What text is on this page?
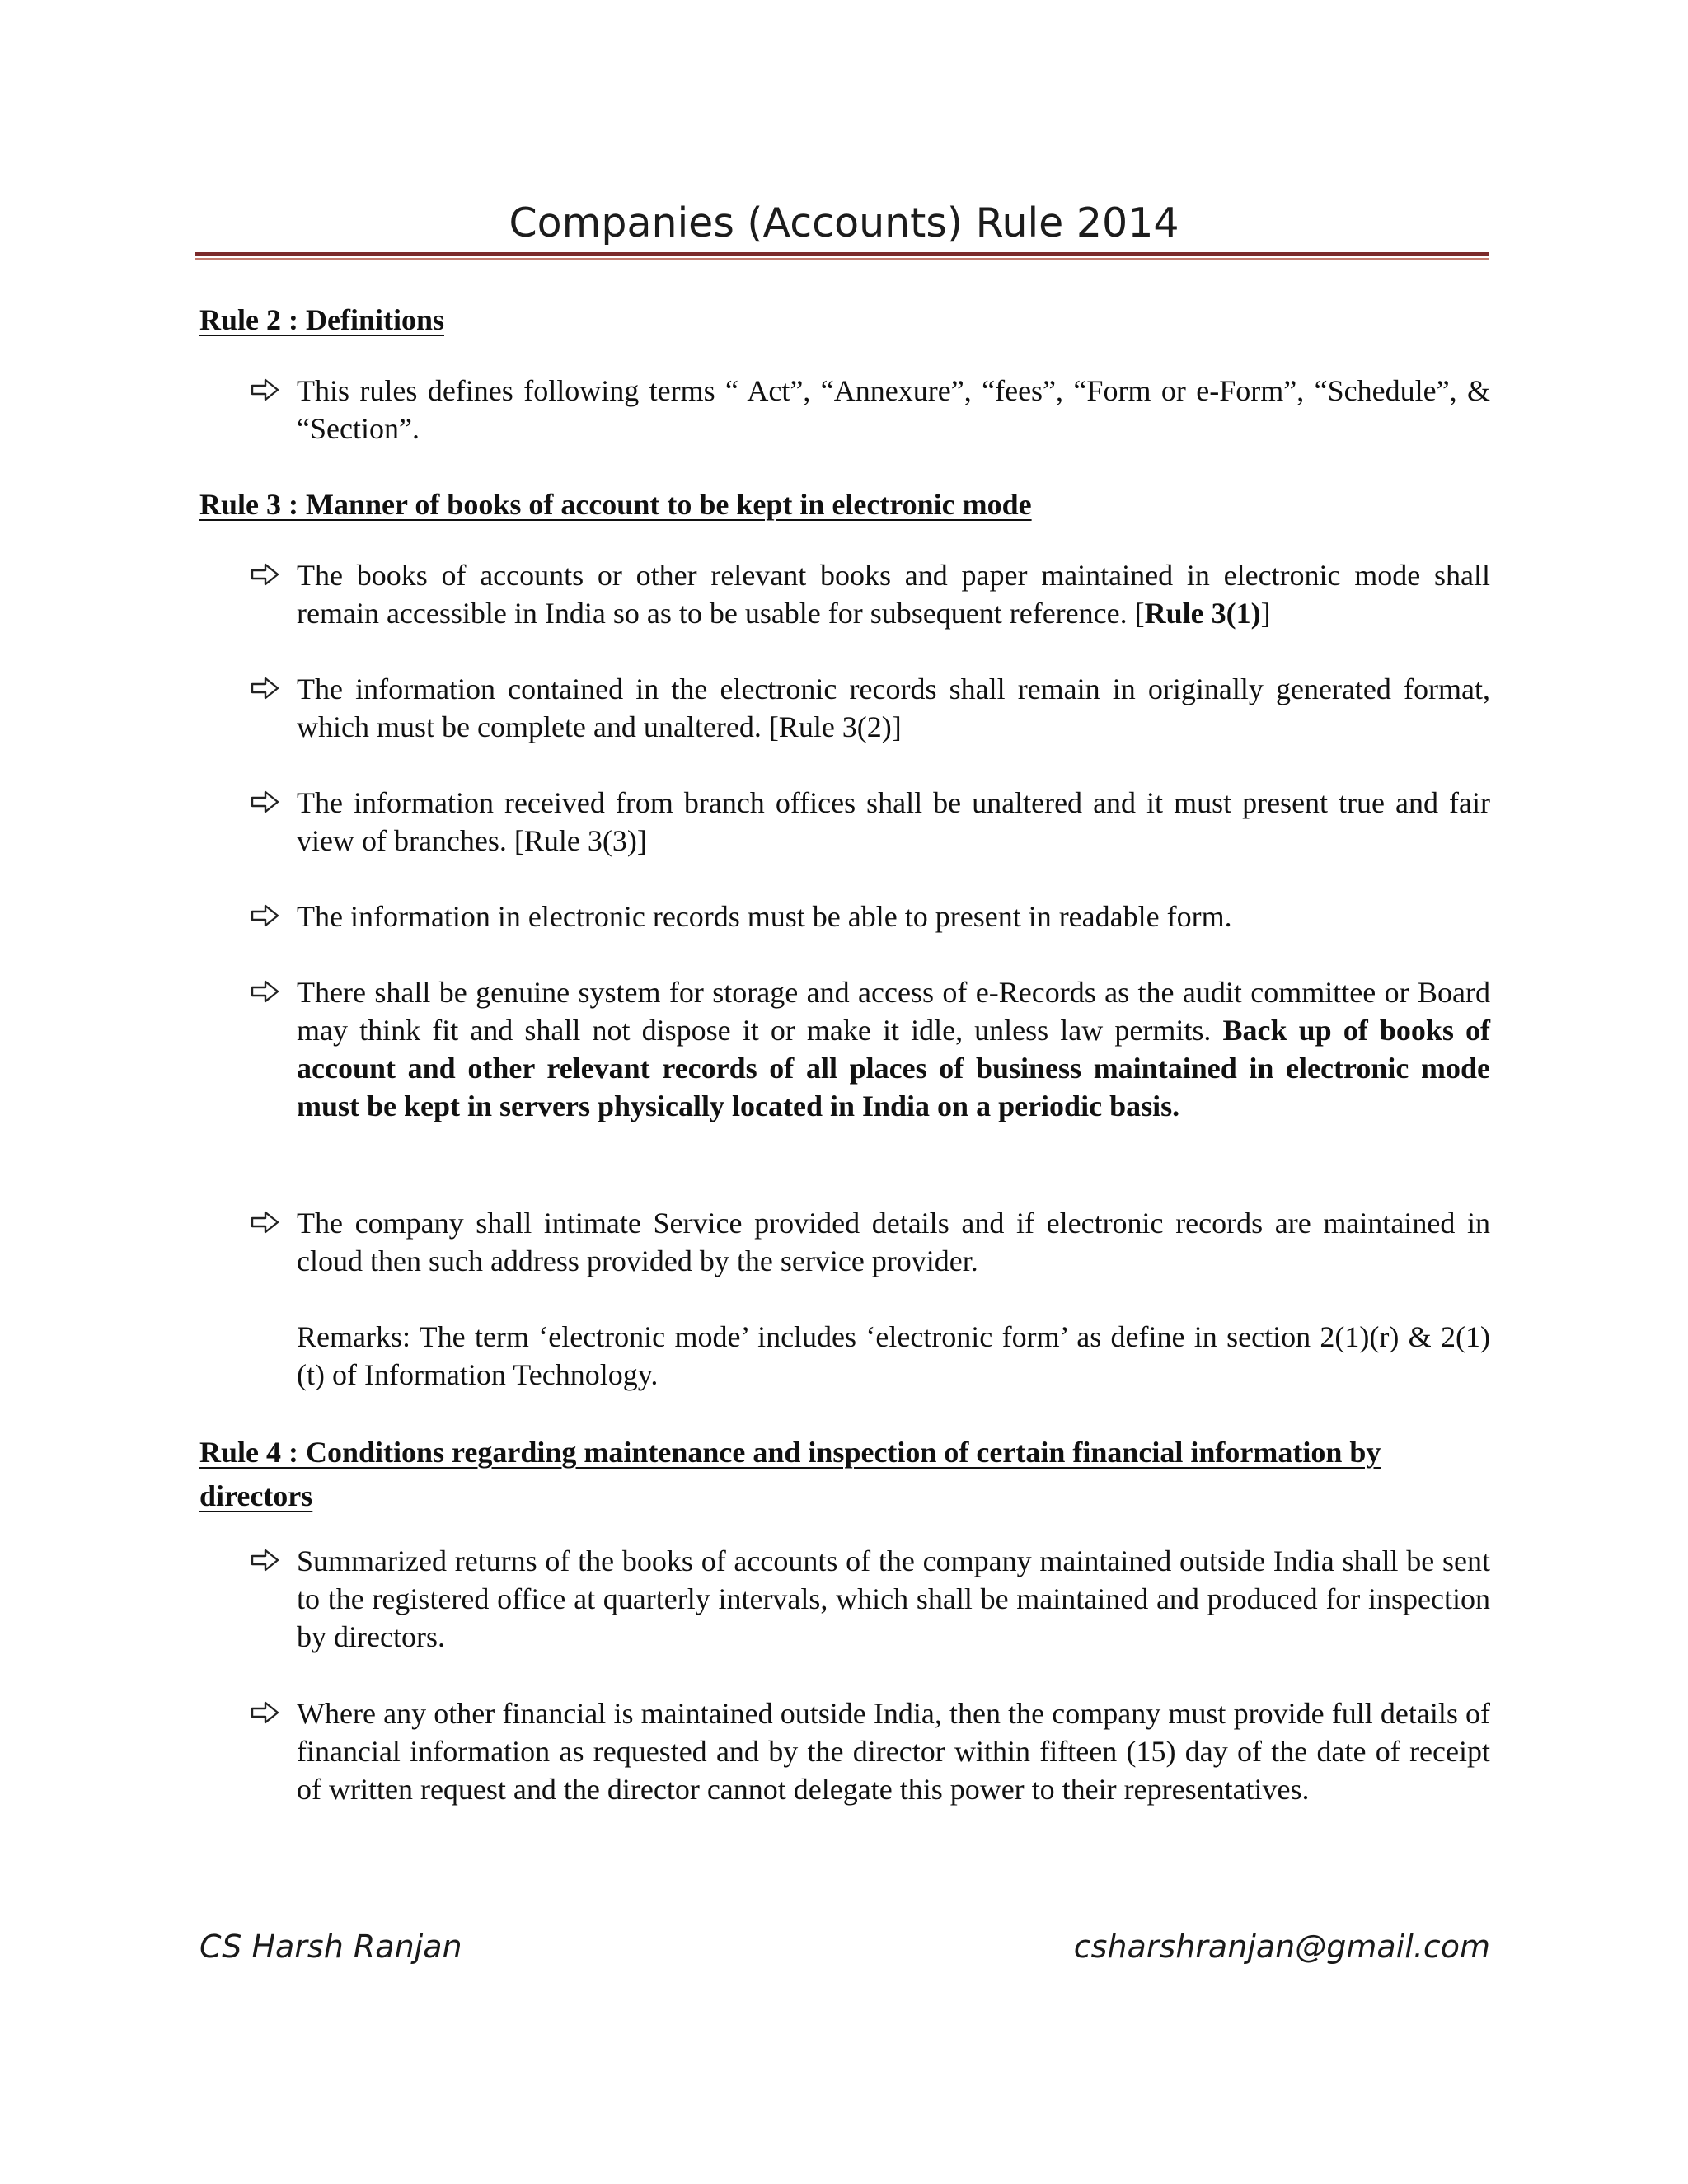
Companies (Accounts) Rule 2014
Rule 2 : Definitions
This rules defines following terms “ Act”, “Annexure”, “fees”, “Form or e-Form”, “Schedule”, & “Section”.
Rule 3 : Manner of books of account to be kept in electronic mode
The books of accounts or other relevant books and paper maintained in electronic mode shall remain accessible in India so as to be usable for subsequent reference. [Rule 3(1)]
The information contained in the electronic records shall remain in originally generated format, which must be complete and unaltered. [Rule 3(2)]
The information received from branch offices shall be unaltered and it must present true and fair view of branches. [Rule 3(3)]
The information in electronic records must be able to present in readable form.
There shall be genuine system for storage and access of e-Records as the audit committee or Board may think fit and shall not dispose it or make it idle, unless law permits. Back up of books of account and other relevant records of all places of business maintained in electronic mode must be kept in servers physically located in India on a periodic basis.
The company shall intimate Service provided details and if electronic records are maintained in cloud then such address provided by the service provider.
Remarks: The term ‘electronic mode’ includes ‘electronic form’ as define in section 2(1)(r) & 2(1)(t) of Information Technology.
Rule 4 : Conditions regarding maintenance and inspection of certain financial information by directors
Summarized returns of the books of accounts of the company maintained outside India shall be sent to the registered office at quarterly intervals, which shall be maintained and produced for inspection by directors.
Where any other financial is maintained outside India, then the company must provide full details of financial information as requested and by the director within fifteen (15) day of the date of receipt of written request and the director cannot delegate this power to their representatives.
CS Harsh Ranjan	csharshranjan@gmail.com
